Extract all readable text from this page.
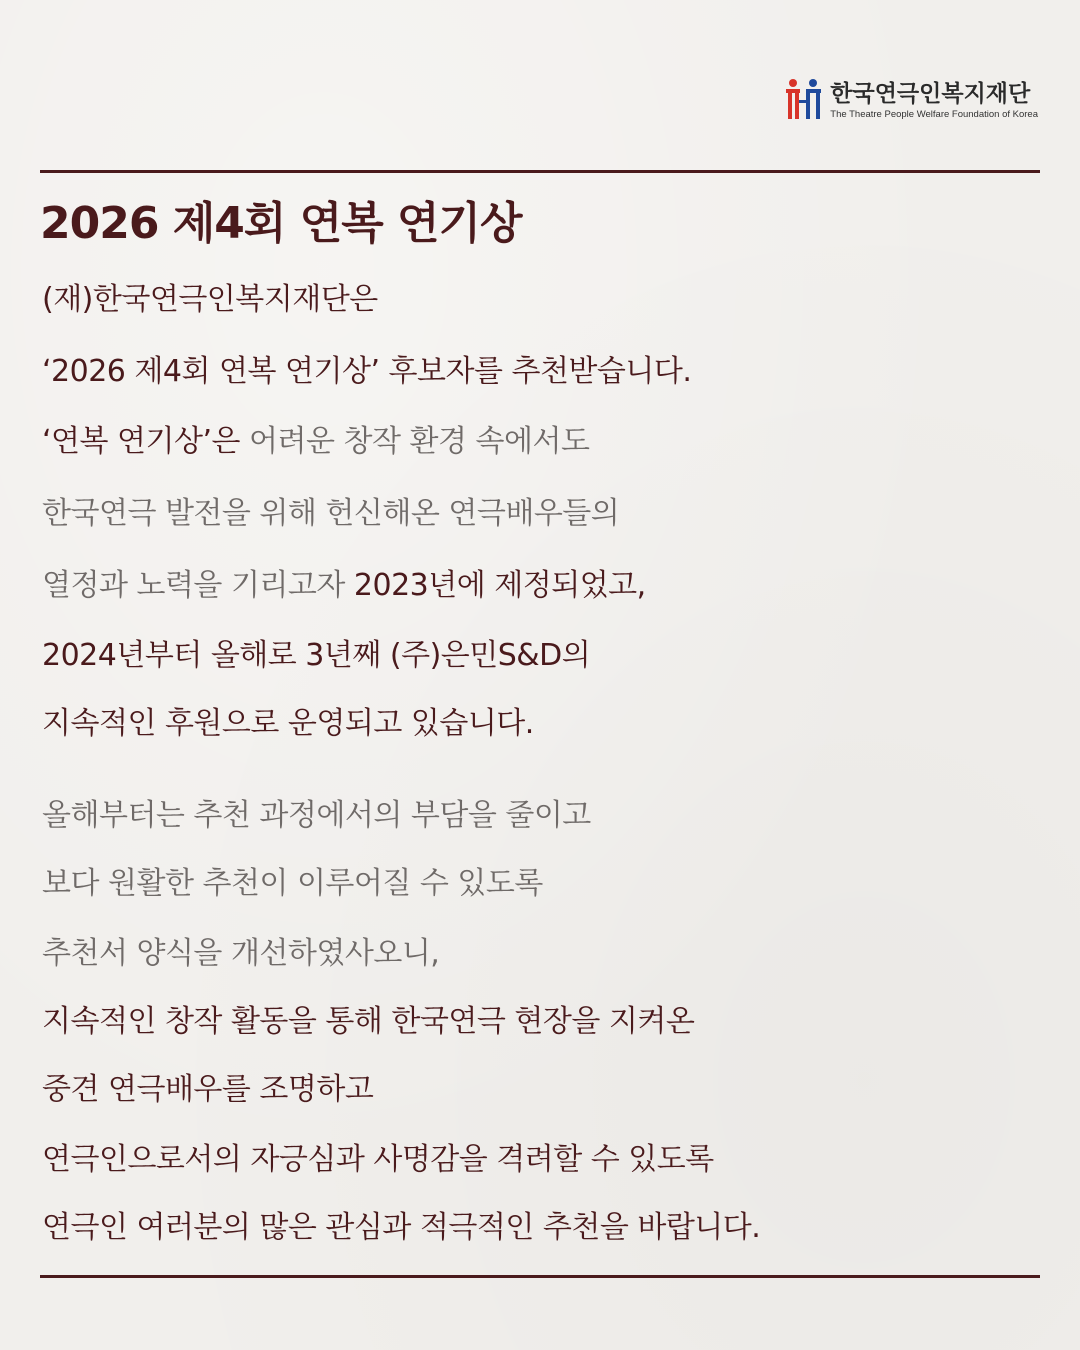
한국연극인복지재단
The Theatre People Welfare Foundation of Korea
2026 제4회 연복 연기상
(재)한국연극인복지재단은
‘2026 제4회 연복 연기상’ 후보자를 추천받습니다.
‘연복 연기상’은 어려운 창작 환경 속에서도
한국연극 발전을 위해 헌신해온 연극배우들의
열정과 노력을 기리고자 2023년에 제정되었고,
2024년부터 올해로 3년째 (주)은민S&D의
지속적인 후원으로 운영되고 있습니다.
올해부터는 추천 과정에서의 부담을 줄이고
보다 원활한 추천이 이루어질 수 있도록
추천서 양식을 개선하였사오니,
지속적인 창작 활동을 통해 한국연극 현장을 지켜온
중견 연극배우를 조명하고
연극인으로서의 자긍심과 사명감을 격려할 수 있도록
연극인 여러분의 많은 관심과 적극적인 추천을 바랍니다.
